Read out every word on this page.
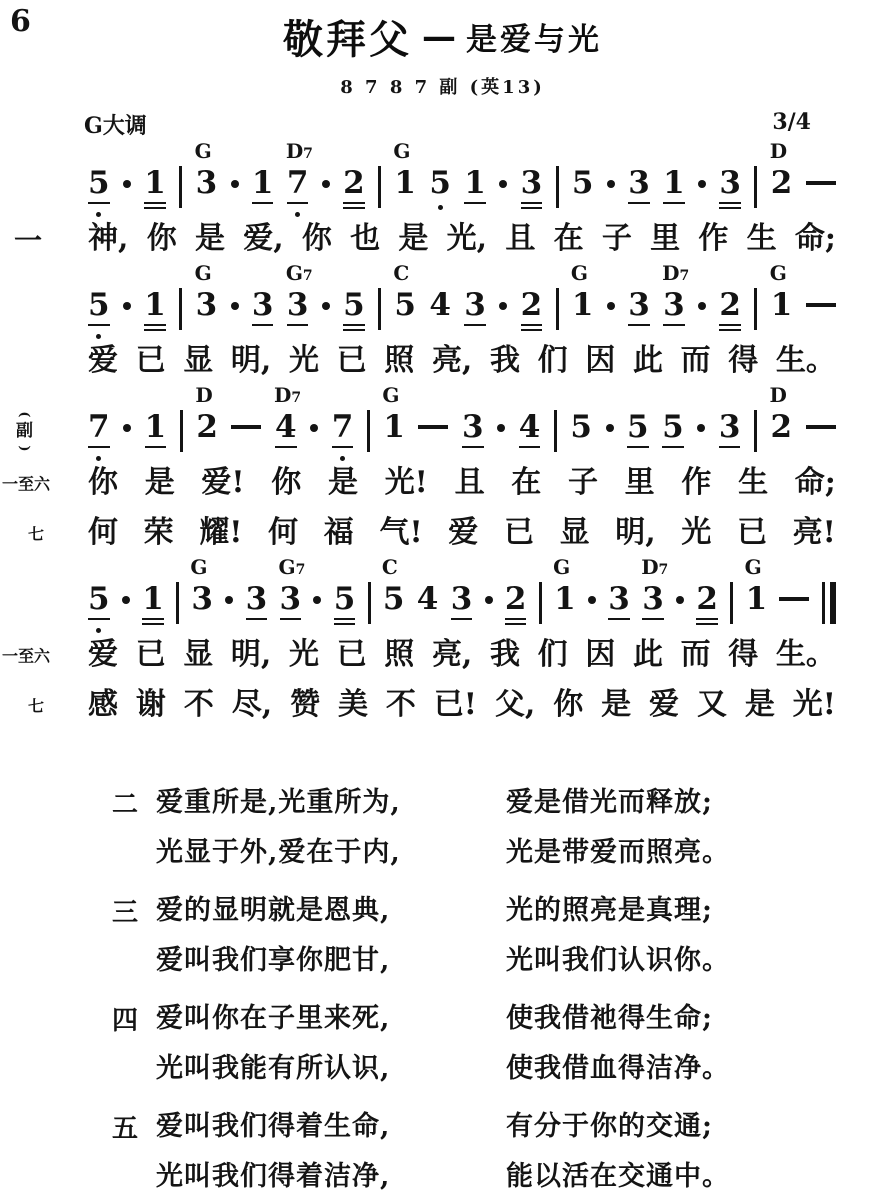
6	敬拜父 — 是爱与光
8 7 8 7 副 (英13)
G大调	3/4
5 1
G
3 1
D7
7 2
G
1 5 1 3 5 3 1 3
D
2
一 神, 你 是 爱, 你 也 是 光, 且 在 子 里 作 生 命;
5 1
G
3 3
G7
3 5
C
5 4 3 2
G
1 3
D7
3 2
G
1
爱 已 显 明, 光 已 照 亮, 我 们 因 此 而 得 生。
(
副
)
7 1
D
2
D7
4 7
G
1 3 4 5 5 5 3
D
2
一至六 你 是 爱! 你 是 光! 且 在 子 里 作 生 命;
七 何 荣 耀! 何 福 气! 爱 已 显 明, 光 已 亮!
5 1
G
3 3
G7
3 5
C
5 4 3 2
G
1 3
D7
3 2
G
1
一至六 爱 已 显 明, 光 已 照 亮, 我 们 因 此 而 得 生。
七 感 谢 不 尽, 赞 美 不 已! 父, 你 是 爱 又 是 光!
二 爱重所是,光重所为,	爱是借光而释放;
光显于外,爱在于内,	光是带爱而照亮。
三 爱的显明就是恩典,	光的照亮是真理;
爱叫我们享你肥甘,	光叫我们认识你。
四 爱叫你在子里来死,	使我借祂得生命;
光叫我能有所认识,	使我借血得洁净。
五 爱叫我们得着生命,	有分于你的交通;
光叫我们得着洁净,	能以活在交通中。
